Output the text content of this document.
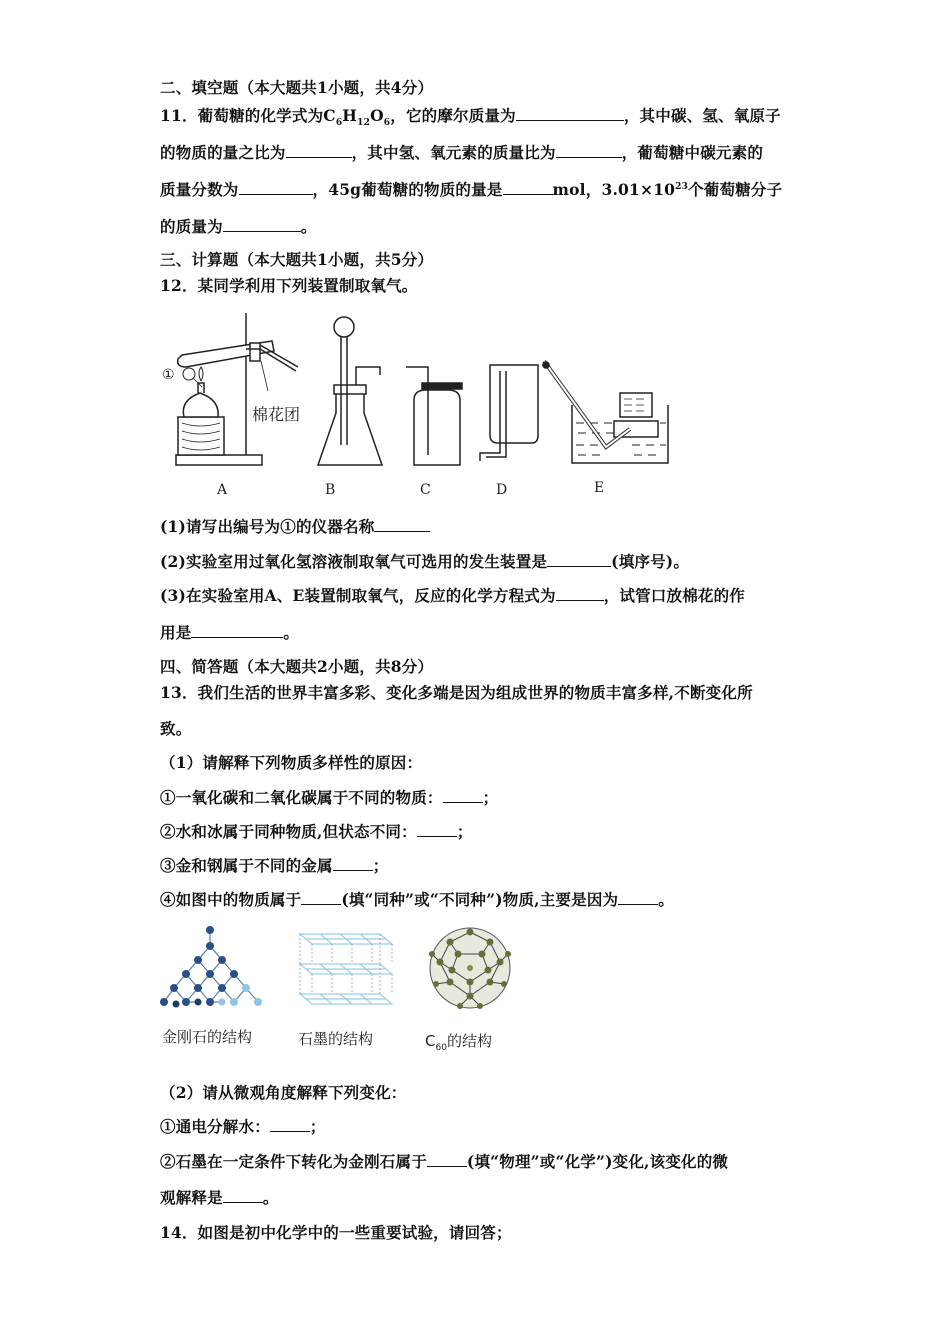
二、填空题（本大题共1小题，共4分）
11．葡萄糖的化学式为$C_6H_{12}O_6$，它的摩尔质量为	，其中碳、氢、氧原子
的物质的量之比为	，其中氢、氧元素的质量比为	，葡萄糖中碳元素的
质量分数为	，45g葡萄糖的物质的量是	mol，$3.01\times 10^{23}$个葡萄糖分子
的质量为	。
三、计算题（本大题共1小题，共5分）
12．某同学利用下列装置制取氧气。
①
棉花团
A	B	C	D	E
(1)请写出编号为①的仪器名称
(2)实验室用过氧化氢溶液制取氧气可选用的发生装置是	(填序号)。
(3)在实验室用A、E装置制取氧气，反应的化学方程式为	，试管口放棉花的作
用是	。
四、简答题（本大题共2小题，共8分）
13．我们生活的世界丰富多彩、变化多端是因为组成世界的物质丰富多样,不断变化所
致。
（1）请解释下列物质多样性的原因：
①一氧化碳和二氧化碳属于不同的物质：	；
②水和冰属于同种物质,但状态不同：	；
③金和钢属于不同的金属	；
④如图中的物质属于	(填“同种”或“不同种”)物质,主要是因为	。
金刚石的结构	石墨的结构	$C_{60}$的结构
（2）请从微观角度解释下列变化：
①通电分解水：	；
②石墨在一定条件下转化为金刚石属于	(填“物理”或“化学”)变化,该变化的微
观解释是	。
14．如图是初中化学中的一些重要试验，请回答；
